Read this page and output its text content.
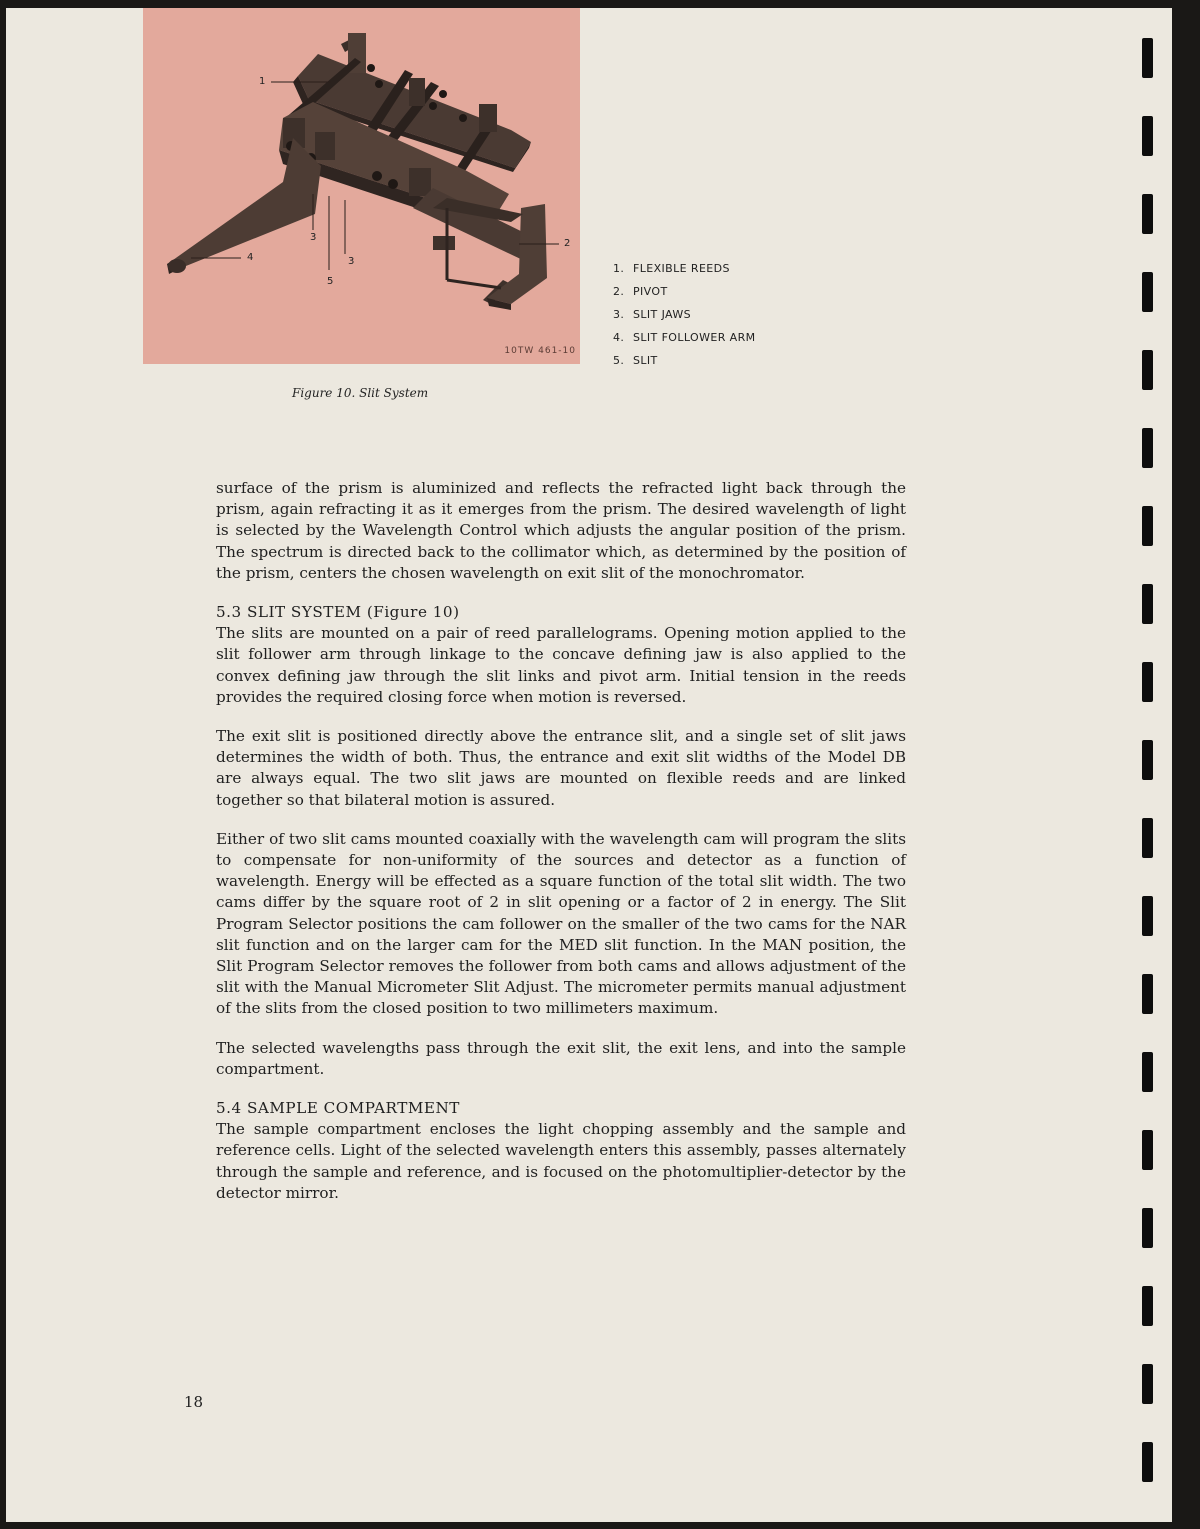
1
2
3
3
4
5
10TW 461-10
Figure 10. Slit System
1. FLEXIBLE REEDS
2. PIVOT
3. SLIT JAWS
4. SLIT FOLLOWER ARM
5. SLIT

surface of the prism is aluminized and reflects the refracted light back through the prism, again refracting it as it emerges from the prism. The desired wavelength of light is selected by the Wavelength Control which adjusts the angular position of the prism. The spectrum is directed back to the collimator which, as determined by the position of the prism, centers the chosen wavelength on exit slit of the monochromator.

5.3 SLIT SYSTEM (Figure 10)

The slits are mounted on a pair of reed parallelograms. Opening motion applied to the slit follower arm through linkage to the concave defining jaw is also applied to the convex defining jaw through the slit links and pivot arm. Initial tension in the reeds provides the required closing force when motion is reversed.

The exit slit is positioned directly above the entrance slit, and a single set of slit jaws determines the width of both. Thus, the entrance and exit slit widths of the Model DB are always equal. The two slit jaws are mounted on flexible reeds and are linked together so that bilateral motion is assured.

Either of two slit cams mounted coaxially with the wavelength cam will program the slits to compensate for non-uniformity of the sources and detector as a function of wavelength. Energy will be effected as a square function of the total slit width. The two cams differ by the square root of 2 in slit opening or a factor of 2 in energy. The Slit Program Selector positions the cam follower on the smaller of the two cams for the NAR slit function and on the larger cam for the MED slit function. In the MAN position, the Slit Program Selector removes the follower from both cams and allows adjustment of the slit with the Manual Micrometer Slit Adjust. The micrometer permits manual adjustment of the slits from the closed position to two millimeters maximum.

The selected wavelengths pass through the exit slit, the exit lens, and into the sample compartment.

5.4 SAMPLE COMPARTMENT

The sample compartment encloses the light chopping assembly and the sample and reference cells. Light of the selected wavelength enters this assembly, passes alternately through the sample and reference, and is focused on the photomultiplier-detector by the detector mirror.

18
